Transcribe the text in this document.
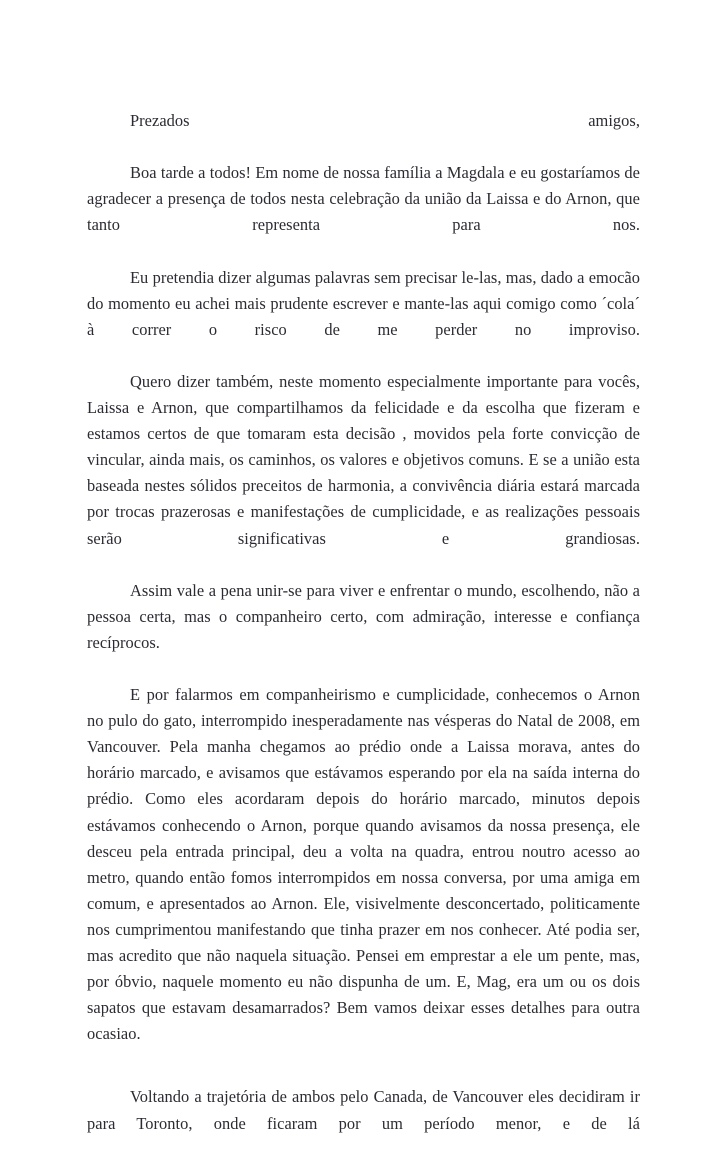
Prezados amigos,

Boa tarde a todos! Em nome de nossa família a Magdala e eu gostaríamos de agradecer a presença de todos nesta celebração da união da Laissa e do Arnon, que tanto representa para nos.

Eu pretendia dizer algumas palavras sem precisar le-las, mas, dado a emocão do momento eu achei mais prudente escrever e mante-las aqui comigo como ´cola´ à correr o risco de me perder no improviso.

Quero dizer também, neste momento especialmente importante para vocês, Laissa e Arnon, que compartilhamos da felicidade e da escolha que fizeram e estamos certos de que tomaram esta decisão , movidos pela forte convicção de vincular, ainda mais, os caminhos, os valores e objetivos comuns. E se a união esta baseada nestes sólidos preceitos de harmonia, a convivência diária estará marcada por trocas prazerosas e manifestações de cumplicidade, e as realizações pessoais serão significativas e grandiosas.

Assim vale a pena unir-se para viver e enfrentar o mundo, escolhendo, não a pessoa certa, mas o companheiro certo, com admiração, interesse e confiança recíprocos.

E por falarmos em companheirismo e cumplicidade, conhecemos o Arnon no pulo do gato, interrompido inesperadamente nas vésperas do Natal de 2008, em Vancouver. Pela manha chegamos ao prédio onde a Laissa morava, antes do horário marcado, e avisamos que estávamos esperando por ela na saída interna do prédio. Como eles acordaram depois do horário marcado, minutos depois estávamos conhecendo o Arnon, porque quando avisamos da nossa presença, ele desceu pela entrada principal, deu a volta na quadra, entrou noutro acesso ao metro, quando então fomos interrompidos em nossa conversa, por uma amiga em comum, e apresentados ao Arnon. Ele, visivelmente desconcertado, politicamente nos cumprimentou manifestando que tinha prazer em nos conhecer. Até podia ser, mas acredito que não naquela situação. Pensei em emprestar a ele um pente, mas, por óbvio, naquele momento eu não dispunha de um. E, Mag, era um ou os dois sapatos que estavam desamarrados? Bem vamos deixar esses detalhes para outra ocasiao.

Voltando a trajetória de ambos pelo Canada, de Vancouver eles decidiram ir para Toronto, onde ficaram por um período menor, e de lá
